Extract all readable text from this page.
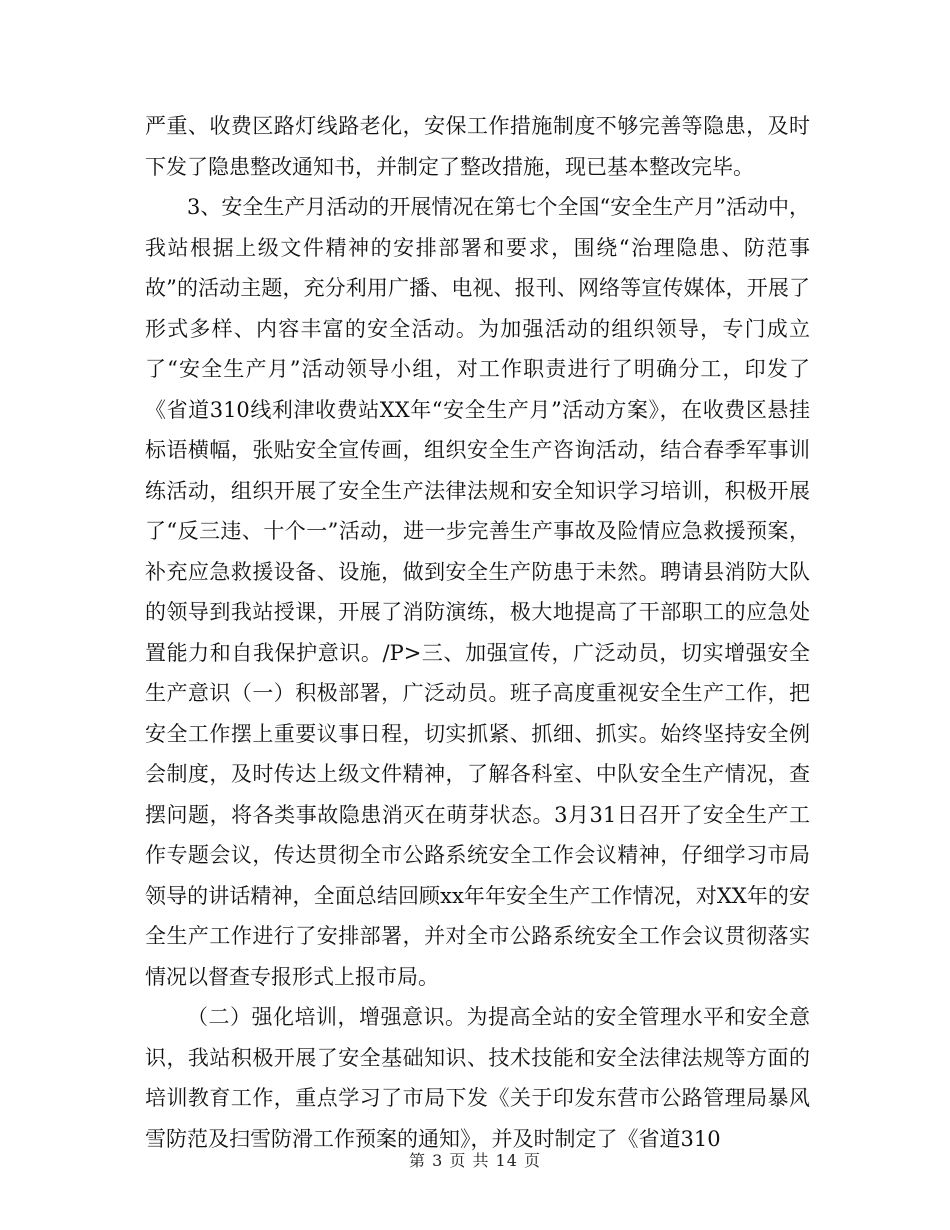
严重、收费区路灯线路老化，安保工作措施制度不够完善等隐患，及时下发了隐患整改通知书，并制定了整改措施，现已基本整改完毕。

3、安全生产月活动的开展情况在第七个全国“安全生产月”活动中，我站根据上级文件精神的安排部署和要求，围绕“治理隐患、防范事故”的活动主题，充分利用广播、电视、报刊、网络等宣传媒体，开展了形式多样、内容丰富的安全活动。为加强活动的组织领导，专门成立了“安全生产月”活动领导小组，对工作职责进行了明确分工，印发了《省道310线利津收费站XX年“安全生产月”活动方案》，在收费区悬挂标语横幅，张贴安全宣传画，组织安全生产咨询活动，结合春季军事训练活动，组织开展了安全生产法律法规和安全知识学习培训，积极开展了“反三违、十个一”活动，进一步完善生产事故及险情应急救援预案，补充应急救援设备、设施，做到安全生产防患于未然。聘请县消防大队的领导到我站授课，开展了消防演练，极大地提高了干部职工的应急处置能力和自我保护意识。/P>三、加强宣传，广泛动员，切实增强安全生产意识（一）积极部署，广泛动员。班子高度重视安全生产工作，把安全工作摆上重要议事日程，切实抓紧、抓细、抓实。始终坚持安全例会制度，及时传达上级文件精神，了解各科室、中队安全生产情况，查摆问题，将各类事故隐患消灭在萌芽状态。3月31日召开了安全生产工作专题会议，传达贯彻全市公路系统安全工作会议精神，仔细学习市局领导的讲话精神，全面总结回顾xx年年安全生产工作情况，对XX年的安全生产工作进行了安排部署，并对全市公路系统安全工作会议贯彻落实情况以督查专报形式上报市局。

（二）强化培训，增强意识。为提高全站的安全管理水平和安全意识，我站积极开展了安全基础知识、技术技能和安全法律法规等方面的培训教育工作，重点学习了市局下发《关于印发东营市公路管理局暴风雪防范及扫雪防滑工作预案的通知》，并及时制定了《省道310

第 3 页 共 14 页
